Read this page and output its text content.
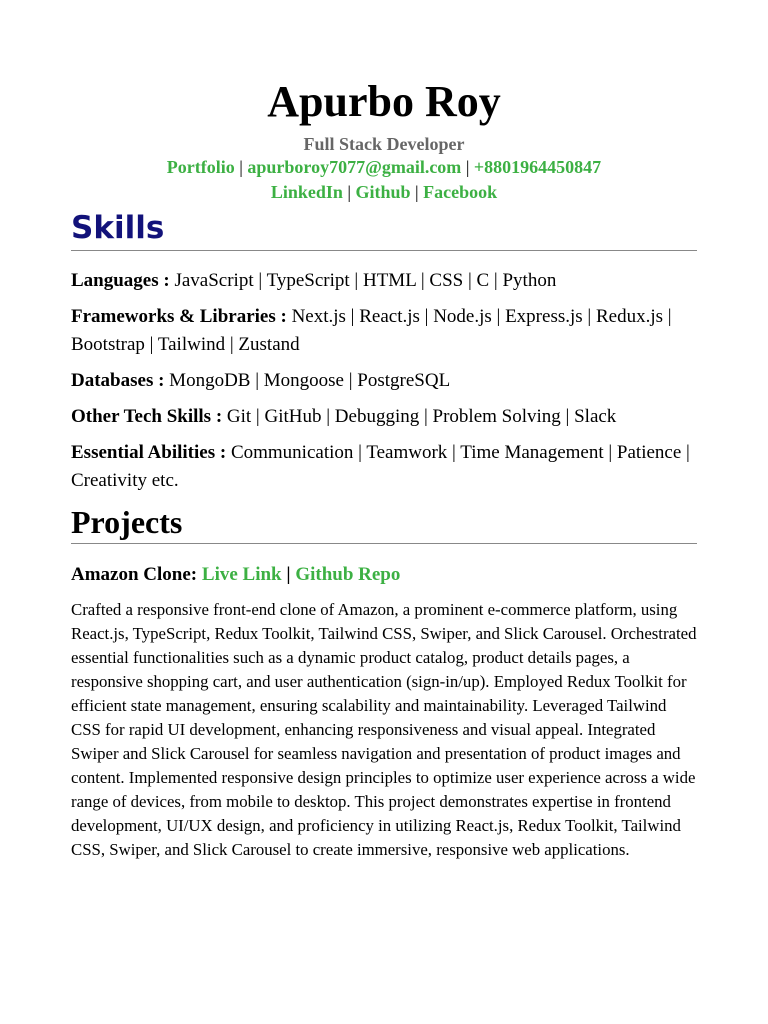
Apurbo Roy
Full Stack Developer
Portfolio | apurboroy7077@gmail.com | +8801964450847
LinkedIn | Github | Facebook
Skills

Languages : JavaScript | TypeScript | HTML | CSS | C | Python

Frameworks & Libraries : Next.js | React.js | Node.js | Express.js | Redux.js | Bootstrap | Tailwind | Zustand

Databases : MongoDB | Mongoose | PostgreSQL

Other Tech Skills : Git | GitHub | Debugging | Problem Solving | Slack

Essential Abilities : Communication | Teamwork | Time Management | Patience | Creativity etc.

Projects
Amazon Clone: Live Link | Github Repo

Crafted a responsive front-end clone of Amazon, a prominent e-commerce platform, using React.js, TypeScript, Redux Toolkit, Tailwind CSS, Swiper, and Slick Carousel. Orchestrated essential functionalities such as a dynamic product catalog, product details pages, a responsive shopping cart, and user authentication (sign-in/up). Employed Redux Toolkit for efficient state management, ensuring scalability and maintainability. Leveraged Tailwind CSS for rapid UI development, enhancing responsiveness and visual appeal. Integrated Swiper and Slick Carousel for seamless navigation and presentation of product images and content. Implemented responsive design principles to optimize user experience across a wide range of devices, from mobile to desktop. This project demonstrates expertise in frontend development, UI/UX design, and proficiency in utilizing React.js, Redux Toolkit, Tailwind CSS, Swiper, and Slick Carousel to create immersive, responsive web applications.
